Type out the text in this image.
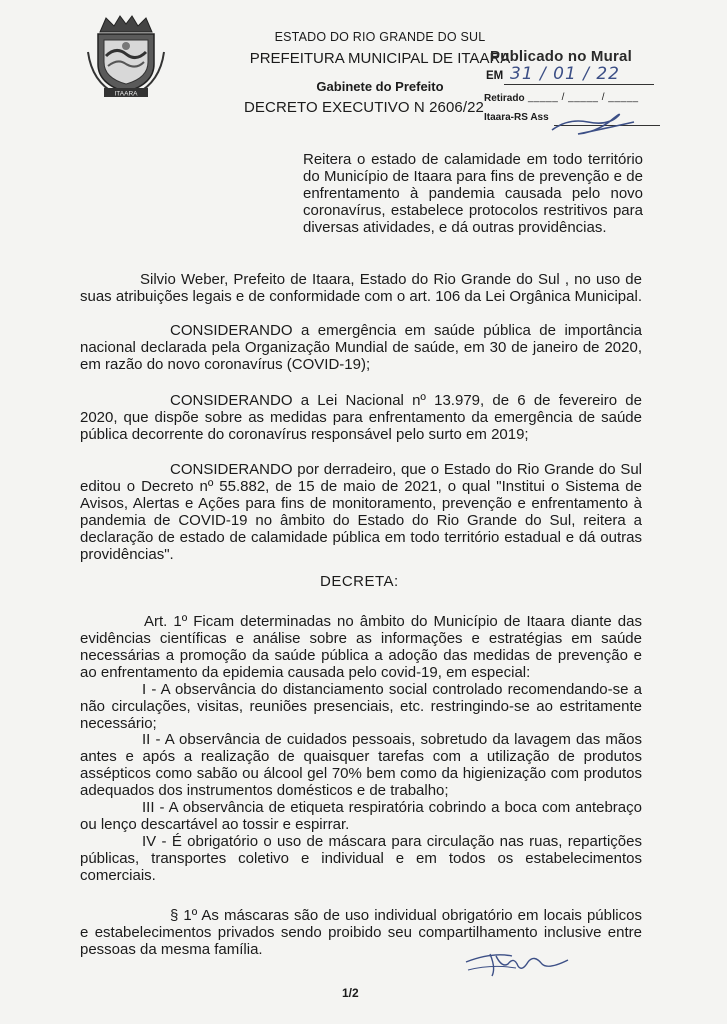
ITAARA
ESTADO DO RIO GRANDE DO SUL
PREFEITURA MUNICIPAL DE ITAARA
Gabinete do Prefeito
DECRETO EXECUTIVO N 2606/22
Publicado no Mural
EM 31 / 01 / 22
Retirado _____ / _____ / _____
Itaara-RS Ass
Reitera o estado de calamidade em todo território do Município de Itaara para fins de prevenção e de enfrentamento à pandemia causada pelo novo coronavírus, estabelece protocolos restritivos para diversas atividades, e dá outras providências.
Silvio Weber, Prefeito de Itaara, Estado do Rio Grande do Sul , no uso de suas atribuições legais e de conformidade com o art. 106 da Lei Orgânica Municipal.
CONSIDERANDO a emergência em saúde pública de importância nacional declarada pela Organização Mundial de saúde, em 30 de janeiro de 2020, em razão do novo coronavírus (COVID-19);
CONSIDERANDO a Lei Nacional nº 13.979, de 6 de fevereiro de 2020, que dispõe sobre as medidas para enfrentamento da emergência de saúde pública decorrente do coronavírus responsável pelo surto em 2019;
CONSIDERANDO por derradeiro, que o Estado do Rio Grande do Sul editou o Decreto nº 55.882, de 15 de maio de 2021, o qual "Institui o Sistema de Avisos, Alertas e Ações para fins de monitoramento, prevenção e enfrentamento à pandemia de COVID-19 no âmbito do Estado do Rio Grande do Sul, reitera a declaração de estado de calamidade pública em todo território estadual e dá outras providências".
DECRETA:
Art. 1º Ficam determinadas no âmbito do Município de Itaara diante das evidências científicas e análise sobre as informações e estratégias em saúde necessárias a promoção da saúde pública a adoção das medidas de prevenção e ao enfrentamento da epidemia causada pelo covid-19, em especial:
I - A observância do distanciamento social controlado recomendando-se a não circulações, visitas, reuniões presenciais, etc. restringindo-se ao estritamente necessário;
II - A observância de cuidados pessoais, sobretudo da lavagem das mãos antes e após a realização de quaisquer tarefas com a utilização de produtos assépticos como sabão ou álcool gel 70% bem como da higienização com produtos adequados dos instrumentos domésticos e de trabalho;
III - A observância de etiqueta respiratória cobrindo a boca com antebraço ou lenço descartável ao tossir e espirrar.
IV - É obrigatório o uso de máscara para circulação nas ruas, repartições públicas, transportes coletivo e individual e em todos os estabelecimentos comerciais.
§ 1º As máscaras são de uso individual obrigatório em locais públicos e estabelecimentos privados sendo proibido seu compartilhamento inclusive entre pessoas da mesma família.
1/2
